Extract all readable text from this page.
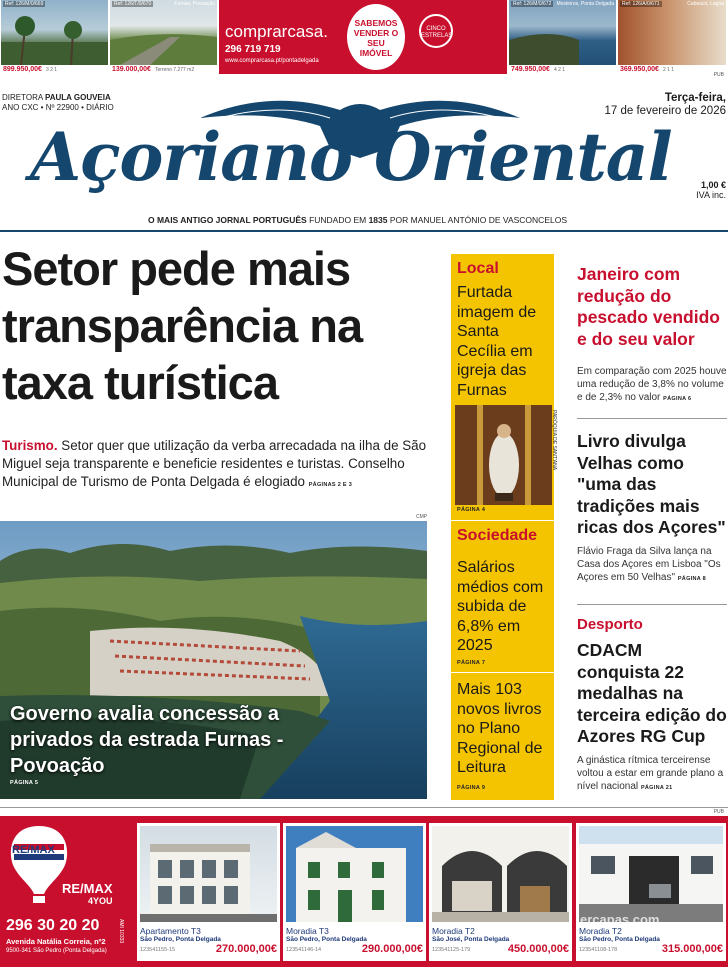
Ref: 126/M/0/669
899.950,00€ 3 2 1
Ref: 126/T/0/670	Furnas, Povoação
139.000,00€ Terreno 7.277 m2
comprarcasa.
296 719 719
www.comprarcasa.pt/pontadelgada
SABEMOS VENDER O SEU IMÓVEL
CINCO ESTRELAS
Ref: 126/M/0/672	Mosteiros, Ponta Delgada
749.950,00€ 4 2 1
Ref: 126/A/0/671	Cabouco, Lagoa
369.950,00€ 2 1 1
PUB
DIRETORA PAULA GOUVEIA
ANO CXC • Nº 22900 • DIÁRIO
Terça-feira,
17 de fevereiro de 2026
Açoriano Oriental	1,00 €
IVA inc.
O MAIS ANTIGO JORNAL PORTUGUÊS FUNDADO EM 1835 POR MANUEL ANTÓNIO DE VASCONCELOS
Setor pede mais transparência na taxa turística
Turismo. Setor quer que utilização da verba arrecadada na ilha de São Miguel seja transparente e beneficie residentes e turistas. Conselho Municipal de Turismo de Ponta Delgada é elogiado PÁGINAS 2 E 3
CMP
Governo avalia concessão a privados da estrada Furnas - Povoação
PÁGINA 5
Local
Furtada imagem de Santa Cecília em igreja das Furnas
PARÓQUIA DE SANT'ANA
PÁGINA 4
Sociedade
Salários médios com subida de 6,8% em 2025
PÁGINA 7
Mais 103 novos livros no Plano Regional de Leitura
PÁGINA 9
Janeiro com redução do pescado vendido e do seu valor
Em comparação com 2025 houve uma redução de 3,8% no volume e de 2,3% no valor PÁGINA 6
Livro divulga Velhas como "uma das tradições mais ricas dos Açores"
Flávio Fraga da Silva lança na Casa dos Açores em Lisboa "Os Açores em 50 Velhas" PÁGINA 8
Desporto
CDACM conquista 22 medalhas na terceira edição do Azores RG Cup
A ginástica rítmica terceirense voltou a estar em grande plano a nível nacional PÁGINA 21
PUB
RE/MAX
RE/MAX
4YOU
296 30 20 20
Avenida Natália Correia, nº2
9500-341 São Pedro (Ponta Delgada)
AMI 10333 Apartamento T3
São Pedro, Ponta Delgada
123541155-15	270.000,00€
Moradia T3
São Pedro, Ponta Delgada
123541146-14	290.000,00€
Moradia T2
São José, Ponta Delgada
123541125-179	450.000,00€
Moradia T2
São Pedro, Ponta Delgada
123541108-178	315.000,00€
ercapas.com
